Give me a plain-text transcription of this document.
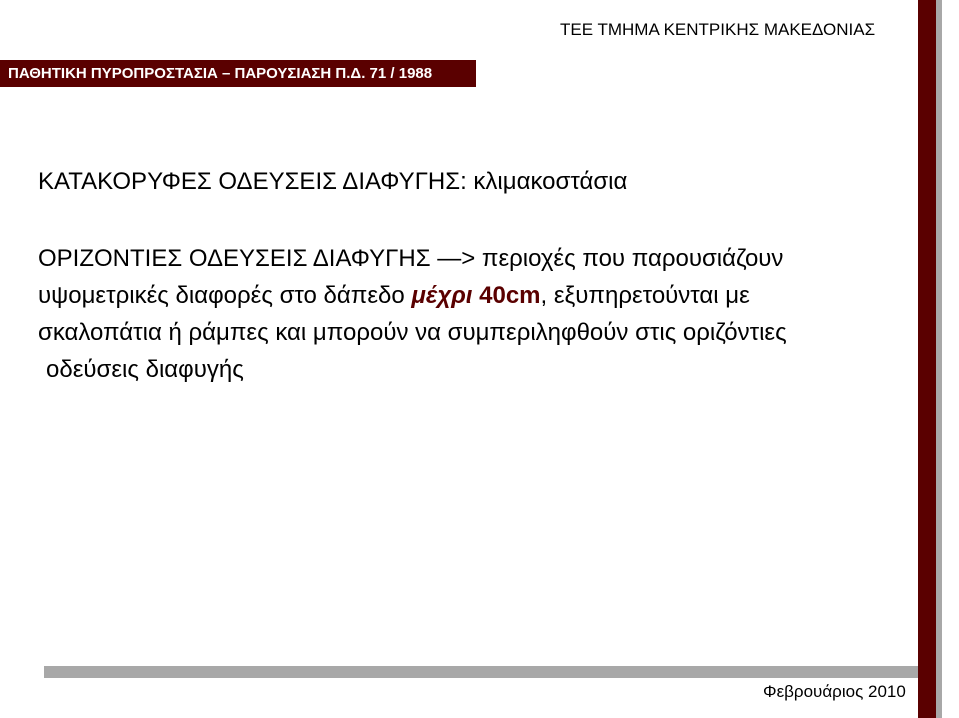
ΤΕΕ ΤΜΗΜΑ ΚΕΝΤΡΙΚΗΣ ΜΑΚΕΔΟΝΙΑΣ
ΠΑΘΗΤΙΚΗ ΠΥΡΟΠΡΟΣΤΑΣΙΑ – ΠΑΡΟΥΣΙΑΣΗ Π.Δ. 71 / 1988
ΚΑΤΑΚΟΡΥΦΕΣ ΟΔΕΥΣΕΙΣ ΔΙΑΦΥΓΗΣ: κλιμακοστάσια
ΟΡΙΖΟΝΤΙΕΣ ΟΔΕΥΣΕΙΣ ΔΙΑΦΥΓΗΣ —> περιοχές που παρουσιάζουν
υψομετρικές διαφορές στο δάπεδο μέχρι 40cm, εξυπηρετούνται με
σκαλοπάτια ή ράμπες και μπορούν να συμπεριληφθούν στις οριζόντιες
οδεύσεις διαφυγής
Φεβρουάριος 2010
